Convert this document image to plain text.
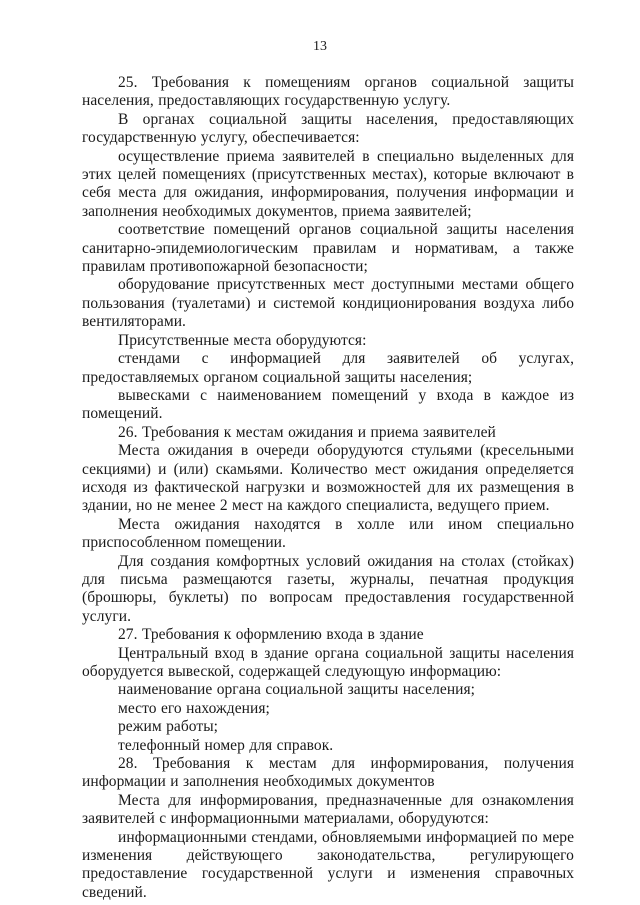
13

25. Требования к помещениям органов социальной защиты населения, предоставляющих государственную услугу.

В органах социальной защиты населения, предоставляющих государственную услугу, обеспечивается:

осуществление приема заявителей в специально выделенных для этих целей помещениях (присутственных местах), которые включают в себя места для ожидания, информирования, получения информации и заполнения необходимых документов, приема заявителей;

соответствие помещений органов социальной защиты населения санитарно-эпидемиологическим правилам и нормативам, а также правилам противопожарной безопасности;

оборудование присутственных мест доступными местами общего пользования (туалетами) и системой кондиционирования воздуха либо вентиляторами.

Присутственные места оборудуются:

стендами с информацией для заявителей об услугах, предоставляемых органом социальной защиты населения;

вывесками с наименованием помещений у входа в каждое из помещений.

26. Требования к местам ожидания и приема заявителей

Места ожидания в очереди оборудуются стульями (кресельными секциями) и (или) скамьями. Количество мест ожидания определяется исходя из фактической нагрузки и возможностей для их размещения в здании, но не менее 2 мест на каждого специалиста, ведущего прием.

Места ожидания находятся в холле или ином специально приспособленном помещении.

Для создания комфортных условий ожидания на столах (стойках) для письма размещаются газеты, журналы, печатная продукция (брошюры, буклеты) по вопросам предоставления государственной услуги.

27. Требования к оформлению входа в здание

Центральный вход в здание органа социальной защиты населения оборудуется вывеской, содержащей следующую информацию:

наименование органа социальной защиты населения;

место его нахождения;

режим работы;

телефонный номер для справок.

28. Требования к местам для информирования, получения информации и заполнения необходимых документов

Места для информирования, предназначенные для ознакомления заявителей с информационными материалами, оборудуются:

информационными стендами, обновляемыми информацией по мере изменения действующего законодательства, регулирующего предоставление государственной услуги и изменения справочных сведений.
